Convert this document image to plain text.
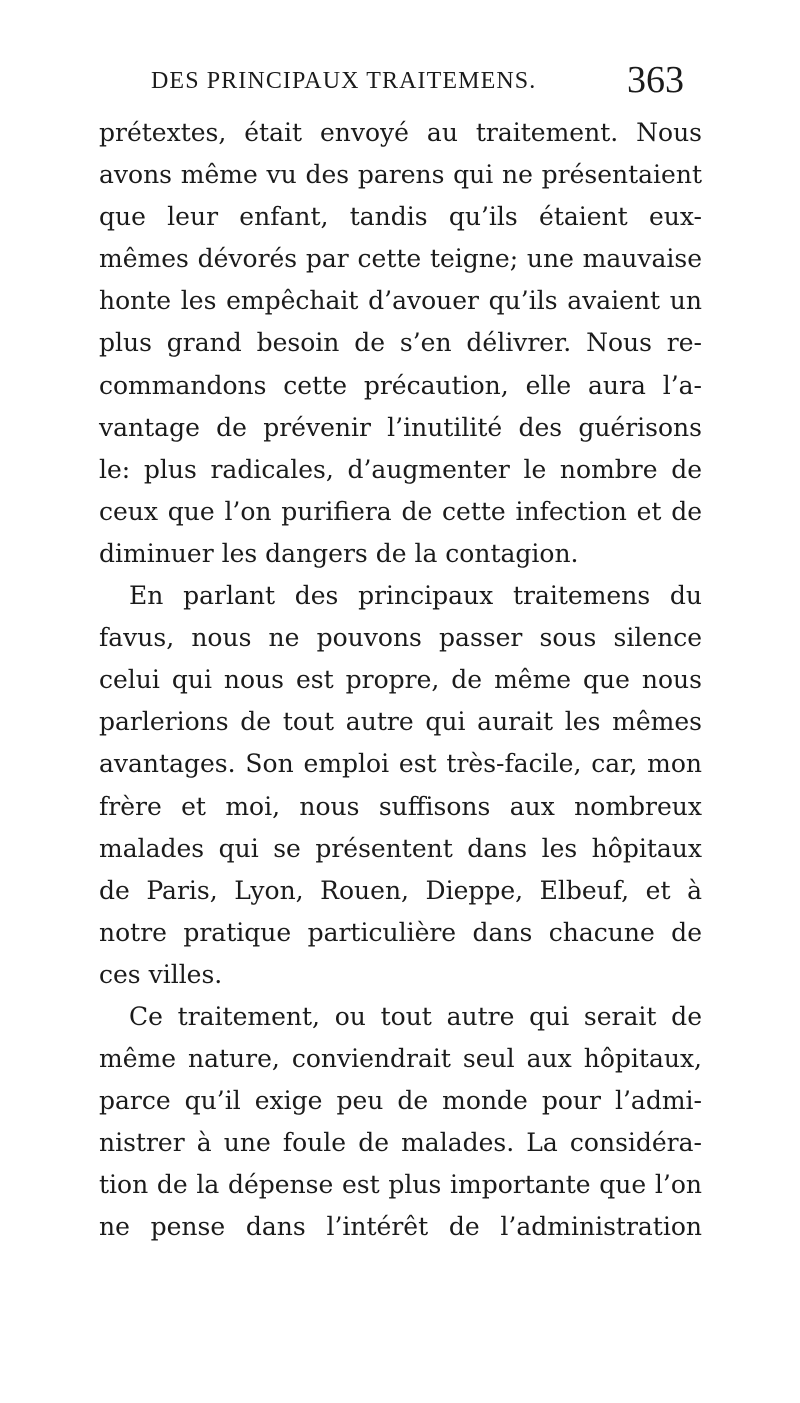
DES PRINCIPAUX TRAITEMENS. 363
prétextes, était envoyé au traitement. Nous
avons même vu des parens qui ne présentaient
que leur enfant, tandis qu’ils étaient eux-
mêmes dévorés par cette teigne; une mauvaise
honte les empêchait d’avouer qu’ils avaient un
plus grand besoin de s’en délivrer. Nous re-
commandons cette précaution, elle aura l’a-
vantage de prévenir l’inutilité des guérisons
le: plus radicales, d’augmenter le nombre de
ceux que l’on purifiera de cette infection et de
diminuer les dangers de la contagion.
En parlant des principaux traitemens du
favus, nous ne pouvons passer sous silence
celui qui nous est propre, de même que nous
parlerions de tout autre qui aurait les mêmes
avantages. Son emploi est très-facile, car, mon
frère et moi, nous suffisons aux nombreux
malades qui se présentent dans les hôpitaux
de Paris, Lyon, Rouen, Dieppe, Elbeuf, et à
notre pratique particulière dans chacune de
ces villes.
Ce traitement, ou tout autre qui serait de
même nature, conviendrait seul aux hôpitaux,
parce qu’il exige peu de monde pour l’admi-
nistrer à une foule de malades. La considéra-
tion de la dépense est plus importante que l’on
ne pense dans l’intérêt de l’administration
